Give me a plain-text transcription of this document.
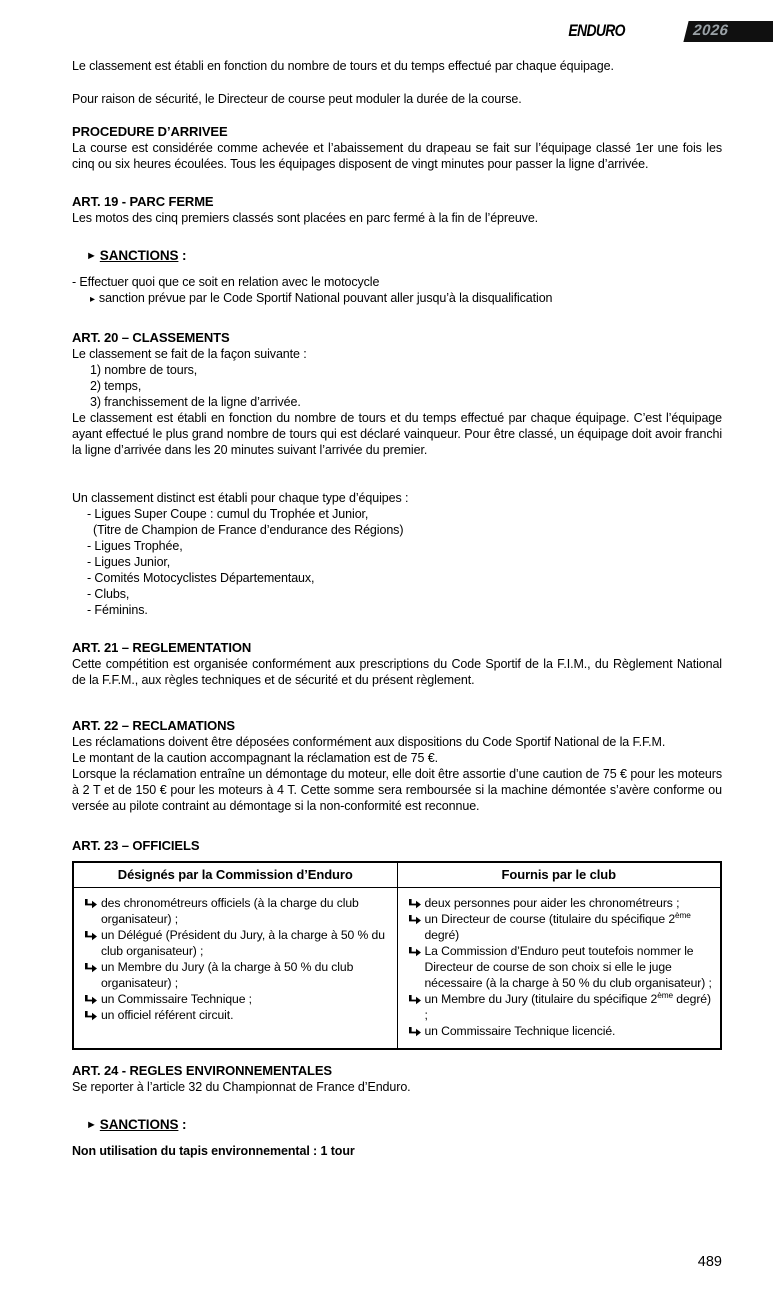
ENDURO	2026

Le classement est établi en fonction du nombre de tours et du temps effectué par chaque équipage.

Pour raison de sécurité, le Directeur de course peut moduler la durée de la course.

PROCEDURE D’ARRIVEE

La course est considérée comme achevée et l’abaissement du drapeau se fait sur l’équipage classé 1er une fois les cinq ou six heures écoulées. Tous les équipages disposent de vingt minutes pour passer la ligne d’arrivée.

ART. 19 - PARC FERME

Les motos des cinq premiers classés sont placées en parc fermé à la fin de l’épreuve.

► SANCTIONS :

- Effectuer quoi que ce soit en relation avec le motocycle

▸ sanction prévue par le Code Sportif National pouvant aller jusqu’à la disqualification
ART. 20 – CLASSEMENTS

Le classement se fait de la façon suivante :

1) nombre de tours,
2) temps,
3) franchissement de la ligne d’arrivée.

Le classement est établi en fonction du nombre de tours et du temps effectué par chaque équipage. C’est l’équipage ayant effectué le plus grand nombre de tours qui est déclaré vainqueur. Pour être classé, un équipage doit avoir franchi la ligne d’arrivée dans les 20 minutes suivant l’arrivée du premier.

Un classement distinct est établi pour chaque type d’équipes :

- Ligues Super Coupe : cumul du Trophée et Junior,
(Titre de Champion de France d’endurance des Régions)
- Ligues Trophée,
- Ligues Junior,
- Comités Motocyclistes Départementaux,
- Clubs,
- Féminins.
ART. 21 – REGLEMENTATION

Cette compétition est organisée conformément aux prescriptions du Code Sportif de la F.I.M., du Règlement National de la F.F.M., aux règles techniques et de sécurité et du présent règlement.

ART. 22 – RECLAMATIONS
Les réclamations doivent être déposées conformément aux dispositions du Code Sportif National de la F.F.M.
Le montant de la caution accompagnant la réclamation est de 75 €.

Lorsque la réclamation entraîne un démontage du moteur, elle doit être assortie d’une caution de 75 € pour les moteurs à 2 T et de 150 € pour les moteurs à 4 T. Cette somme sera remboursée si la machine démontée s’avère conforme ou versée au pilote contraint au démontage si la non-conformité est reconnue.

ART. 23 – OFFICIELS
Désignés par la Commission d’Enduro	Fournis par le club

des chronométreurs officiels (à la charge du club organisateur) ;
un Délégué (Président du Jury, à la charge à 50 % du club organisateur) ;
un Membre du Jury (à la charge à 50 % du club organisateur) ;
un Commissaire Technique ;
un officiel référent circuit.

deux personnes pour aider les chronométreurs ;
un Directeur de course (titulaire du spécifique 2ème degré)
La Commission d’Enduro peut toutefois nommer le Directeur de course de son choix si elle le juge nécessaire (à la charge à 50 % du club organisateur) ;
un Membre du Jury (titulaire du spécifique 2ème degré) ;
un Commissaire Technique licencié.
ART. 24 - REGLES ENVIRONNEMENTALES

Se reporter à l’article 32 du Championnat de France d’Enduro.

► SANCTIONS :

Non utilisation du tapis environnemental : 1 tour

489
